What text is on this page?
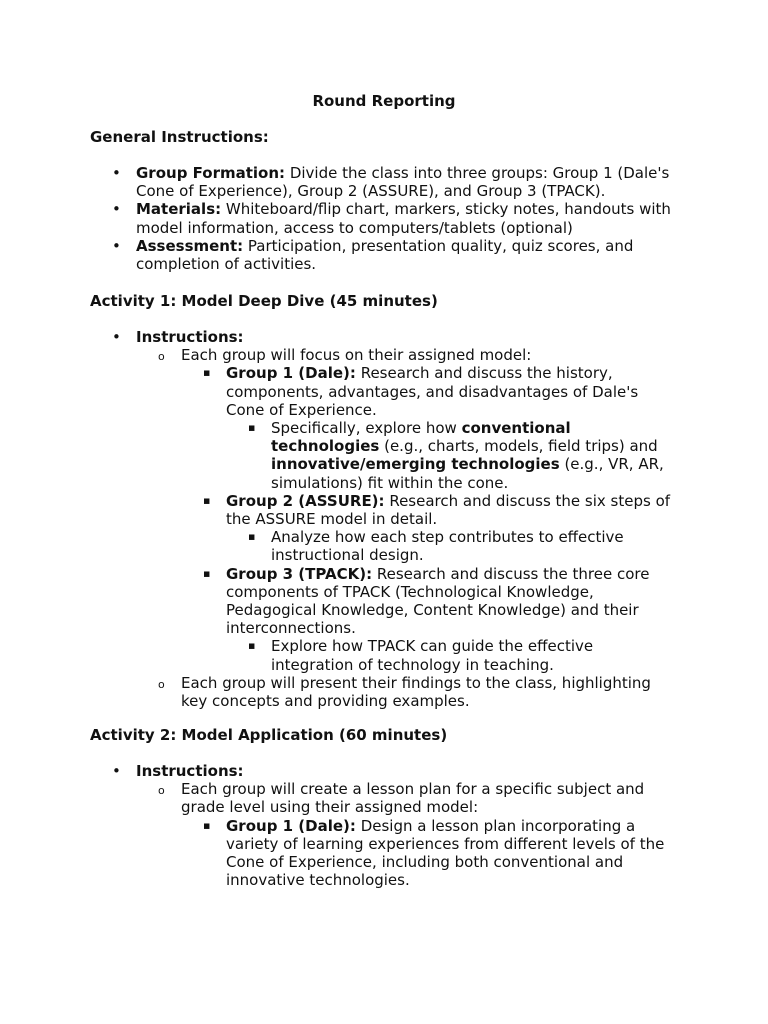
Round Reporting
General Instructions:
• Group Formation: Divide the class into three groups: Group 1 (Dale's Cone of Experience), Group 2 (ASSURE), and Group 3 (TPACK).
• Materials: Whiteboard/flip chart, markers, sticky notes, handouts with model information, access to computers/tablets (optional)
• Assessment: Participation, presentation quality, quiz scores, and completion of activities.
Activity 1: Model Deep Dive (45 minutes)
• Instructions:
o Each group will focus on their assigned model:
▪ Group 1 (Dale): Research and discuss the history, components, advantages, and disadvantages of Dale's Cone of Experience.
▪ Specifically, explore how conventional technologies (e.g., charts, models, field trips) and innovative/emerging technologies (e.g., VR, AR, simulations) fit within the cone.
▪ Group 2 (ASSURE): Research and discuss the six steps of the ASSURE model in detail.
▪ Analyze how each step contributes to effective instructional design.
▪ Group 3 (TPACK): Research and discuss the three core components of TPACK (Technological Knowledge, Pedagogical Knowledge, Content Knowledge) and their interconnections.
▪ Explore how TPACK can guide the effective integration of technology in teaching.
o Each group will present their findings to the class, highlighting key concepts and providing examples.
Activity 2: Model Application (60 minutes)
• Instructions:
o Each group will create a lesson plan for a specific subject and grade level using their assigned model:
▪ Group 1 (Dale): Design a lesson plan incorporating a variety of learning experiences from different levels of the Cone of Experience, including both conventional and innovative technologies.
